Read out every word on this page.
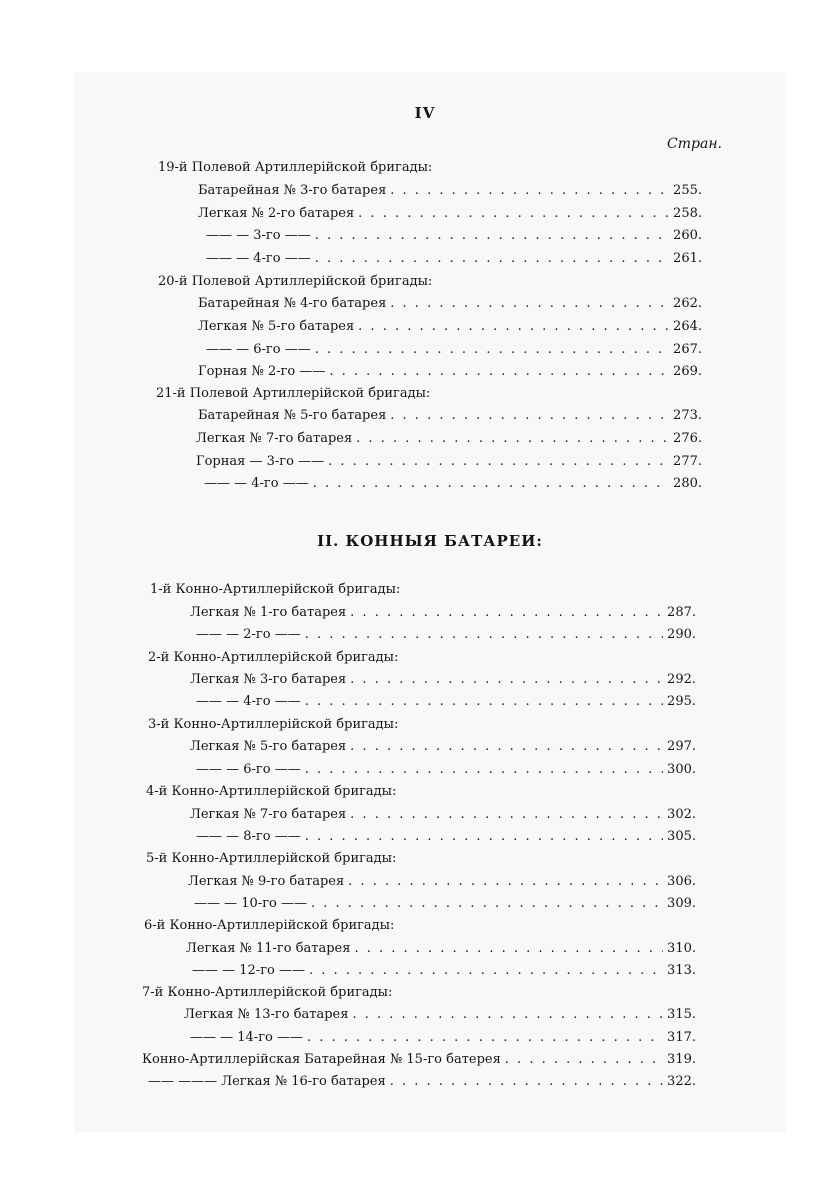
IV
Стран.
19-й Полевой Артиллерійской бригады:
Батарейная № 3-го батарея . . .	255.
Легкая № 2-го батарея . . .	258.
—— — 3-го —— . . .	260.
—— — 4-го —— . . .	261.
20-й Полевой Артиллерійской бригады:
Батарейная № 4-го батарея . . .	262.
Легкая № 5-го батарея . . .	264.
—— — 6-го —— . . .	267.
Горная № 2-го —— . . .	269.
21-й Полевой Артиллерійской бригады:
Батарейная № 5-го батарея . . .	273.
Легкая № 7-го батарея . . .	276.
Горная — 3-го —— . . .	277.
—— — 4-го —— . . .	280.
II. КОННЫЯ БАТАРЕИ:
1-й Конно-Артиллерійской бригады:
Легкая № 1-го батарея . . .	287.
—— — 2-го —— . . .	290.
2-й Конно-Артиллерійской бригады:
Легкая № 3-го батарея . . .	292.
—— — 4-го —— . . .	295.
3-й Конно-Артиллерійской бригады:
Легкая № 5-го батарея . . .	297.
—— — 6-го —— . . .	300.
4-й Конно-Артиллерійской бригады:
Легкая № 7-го батарея . . .	302.
—— — 8-го —— . . .	305.
5-й Конно-Артиллерійской бригады:
Легкая № 9-го батарея . . .	306.
—— — 10-го —— . . .	309.
6-й Конно-Артиллерійской бригады:
Легкая № 11-го батарея . . .	310.
—— — 12-го —— . . .	313.
7-й Конно-Артиллерійской бригады:
Легкая № 13-го батарея . . .	315.
—— — 14-го —— . . .	317.
Конно-Артиллерійская Батарейная № 15-го батерея . . .	319.
—— ——— Легкая № 16-го батарея . . .	322.
